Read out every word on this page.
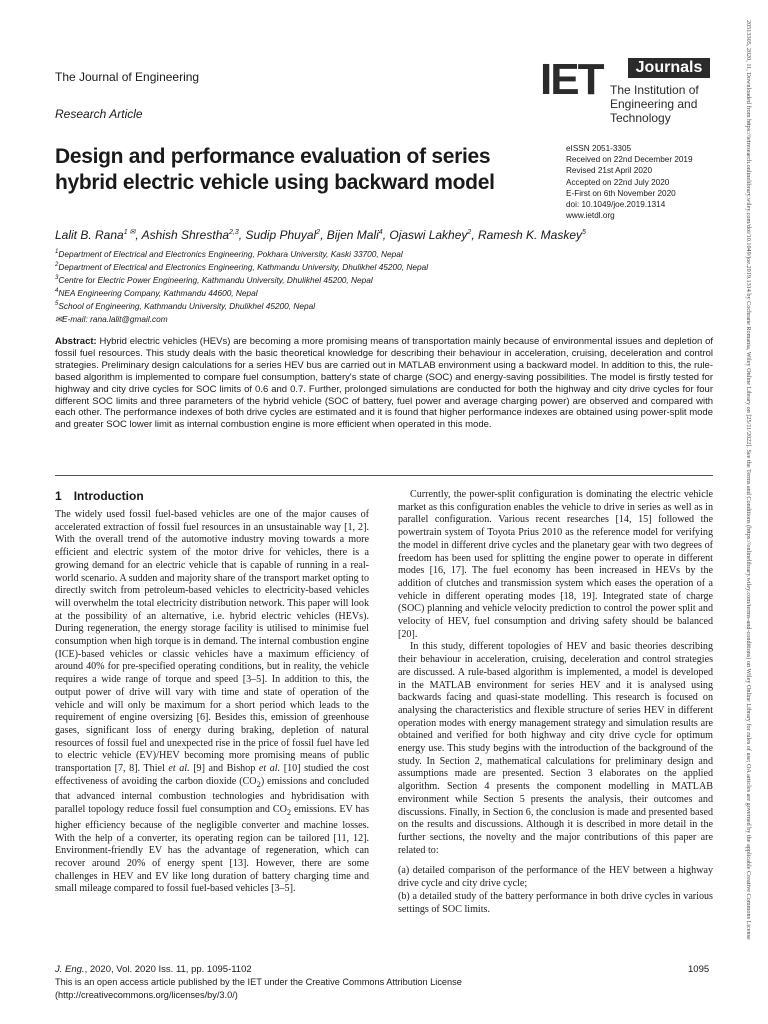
The Journal of Engineering
Research Article
IET	Journals
The Institution of
Engineering and Technology
Design and performance evaluation of series
hybrid electric vehicle using backward model
eISSN 2051-3305
Received on 22nd December 2019
Revised 21st April 2020
Accepted on 22nd July 2020
E-First on 6th November 2020
doi: 10.1049/joe.2019.1314
www.ietdl.org
Lalit B. Rana$^{1 ✉}$, Ashish Shrestha$^{2,3}$, Sudip Phuyal$^2$, Bijen Mali$^4$, Ojaswi Lakhey$^2$, Ramesh K. Maskey$^5$
$^1$Department of Electrical and Electronics Engineering, Pokhara University, Kaski 33700, Nepal
$^2$Department of Electrical and Electronics Engineering, Kathmandu University, Dhulikhel 45200, Nepal
$^3$Centre for Electric Power Engineering, Kathmandu University, Dhulikhel 45200, Nepal
$^4$NEA Engineering Company, Kathmandu 44600, Nepal
$^5$School of Engineering, Kathmandu University, Dhulikhel 45200, Nepal
✉E-mail: rana.lalit@gmail.com
Abstract: Hybrid electric vehicles (HEVs) are becoming a more promising means of transportation mainly because of environmental issues and depletion of fossil fuel resources. This study deals with the basic theoretical knowledge for describing their behaviour in acceleration, cruising, deceleration and control strategies. Preliminary design calculations for a series HEV bus are carried out in MATLAB environment using a backward model. In addition to this, the rule-based algorithm is implemented to compare fuel consumption, battery's state of charge (SOC) and energy-saving possibilities. The model is firstly tested for highway and city drive cycles for SOC limits of 0.6 and 0.7. Further, prolonged simulations are conducted for both the highway and city drive cycles for four different SOC limits and three parameters of the hybrid vehicle (SOC of battery, fuel power and average charging power) are observed and compared with each other. The performance indexes of both drive cycles are estimated and it is found that higher performance indexes are obtained using power-split mode and greater SOC lower limit as internal combustion engine is more efficient when operated in this mode.
1 Introduction

The widely used fossil fuel-based vehicles are one of the major causes of accelerated extraction of fossil fuel resources in an unsustainable way [1, 2]. With the overall trend of the automotive industry moving towards a more efficient and electric system of the motor drive for vehicles, there is a growing demand for an electric vehicle that is capable of running in a real-world scenario. A sudden and majority share of the transport market opting to directly switch from petroleum-based vehicles to electricity-based vehicles will overwhelm the total electricity distribution network. This paper will look at the possibility of an alternative, i.e. hybrid electric vehicles (HEVs). During regeneration, the energy storage facility is utilised to minimise fuel consumption when high torque is in demand. The internal combustion engine (ICE)-based vehicles or classic vehicles have a maximum efficiency of around 40% for pre-specified operating conditions, but in reality, the vehicle requires a wide range of torque and speed [3–5]. In addition to this, the output power of drive will vary with time and state of operation of the vehicle and will only be maximum for a short period which leads to the requirement of engine oversizing [6]. Besides this, emission of greenhouse gases, significant loss of energy during braking, depletion of natural resources of fossil fuel and unexpected rise in the price of fossil fuel have led to electric vehicle (EV)/HEV becoming more promising means of public transportation [7, 8]. Thiel et al. [9] and Bishop et al. [10] studied the cost effectiveness of avoiding the carbon dioxide $(CO_2)$ emissions and concluded that advanced internal combustion technologies and hybridisation with parallel topology reduce fossil fuel consumption and $CO_2$ emissions. EV has higher efficiency because of the negligible converter and machine losses. With the help of a converter, its operating region can be tailored [11, 12]. Environment-friendly EV has the advantage of regeneration, which can recover around 20% of energy spent [13]. However, there are some challenges in HEV and EV like long duration of battery charging time and small mileage compared to fossil fuel-based vehicles [3–5].

Currently, the power-split configuration is dominating the electric vehicle market as this configuration enables the vehicle to drive in series as well as in parallel configuration. Various recent researches [14, 15] followed the powertrain system of Toyota Prius 2010 as the reference model for verifying the model in different drive cycles and the planetary gear with two degrees of freedom has been used for splitting the engine power to operate in different modes [16, 17]. The fuel economy has been increased in HEVs by the addition of clutches and transmission system which eases the operation of a vehicle in different operating modes [18, 19]. Integrated state of charge (SOC) planning and vehicle velocity prediction to control the power split and velocity of HEV, fuel consumption and driving safety should be balanced [20].

In this study, different topologies of HEV and basic theories describing their behaviour in acceleration, cruising, deceleration and control strategies are discussed. A rule-based algorithm is implemented, a model is developed in the MATLAB environment for series HEV and it is analysed using backwards facing and quasi-state modelling. This research is focused on analysing the characteristics and flexible structure of series HEV in different operation modes with energy management strategy and simulation results are obtained and verified for both highway and city drive cycle for optimum energy use. This study begins with the introduction of the background of the study. In Section 2, mathematical calculations for preliminary design and assumptions made are presented. Section 3 elaborates on the applied algorithm. Section 4 presents the component modelling in MATLAB environment while Section 5 presents the analysis, their outcomes and discussions. Finally, in Section 6, the conclusion is made and presented based on the results and discussions. Although it is described in more detail in the further sections, the novelty and the major contributions of this paper are related to:

(a) detailed comparison of the performance of the HEV between a highway drive cycle and city drive cycle;

(b) a detailed study of the battery performance in both drive cycles in various settings of SOC limits.

J. Eng., 2020, Vol. 2020 Iss. 11, pp. 1095-1102	1095
This is an open access article published by the IET under the Creative Commons Attribution License
(http://creativecommons.org/licenses/by/3.0/)
20513305, 2020, 11, Downloaded from https://ietresearch.onlinelibrary.wiley.com/doi/10.1049/joe.2019.1314 by Cochrane Romania, Wiley Online Library on [25/11/2022]. See the Terms and Conditions (https://onlinelibrary.wiley.com/terms-and-conditions) on Wiley Online Library for rules of use; OA articles are governed by the applicable Creative Commons License
